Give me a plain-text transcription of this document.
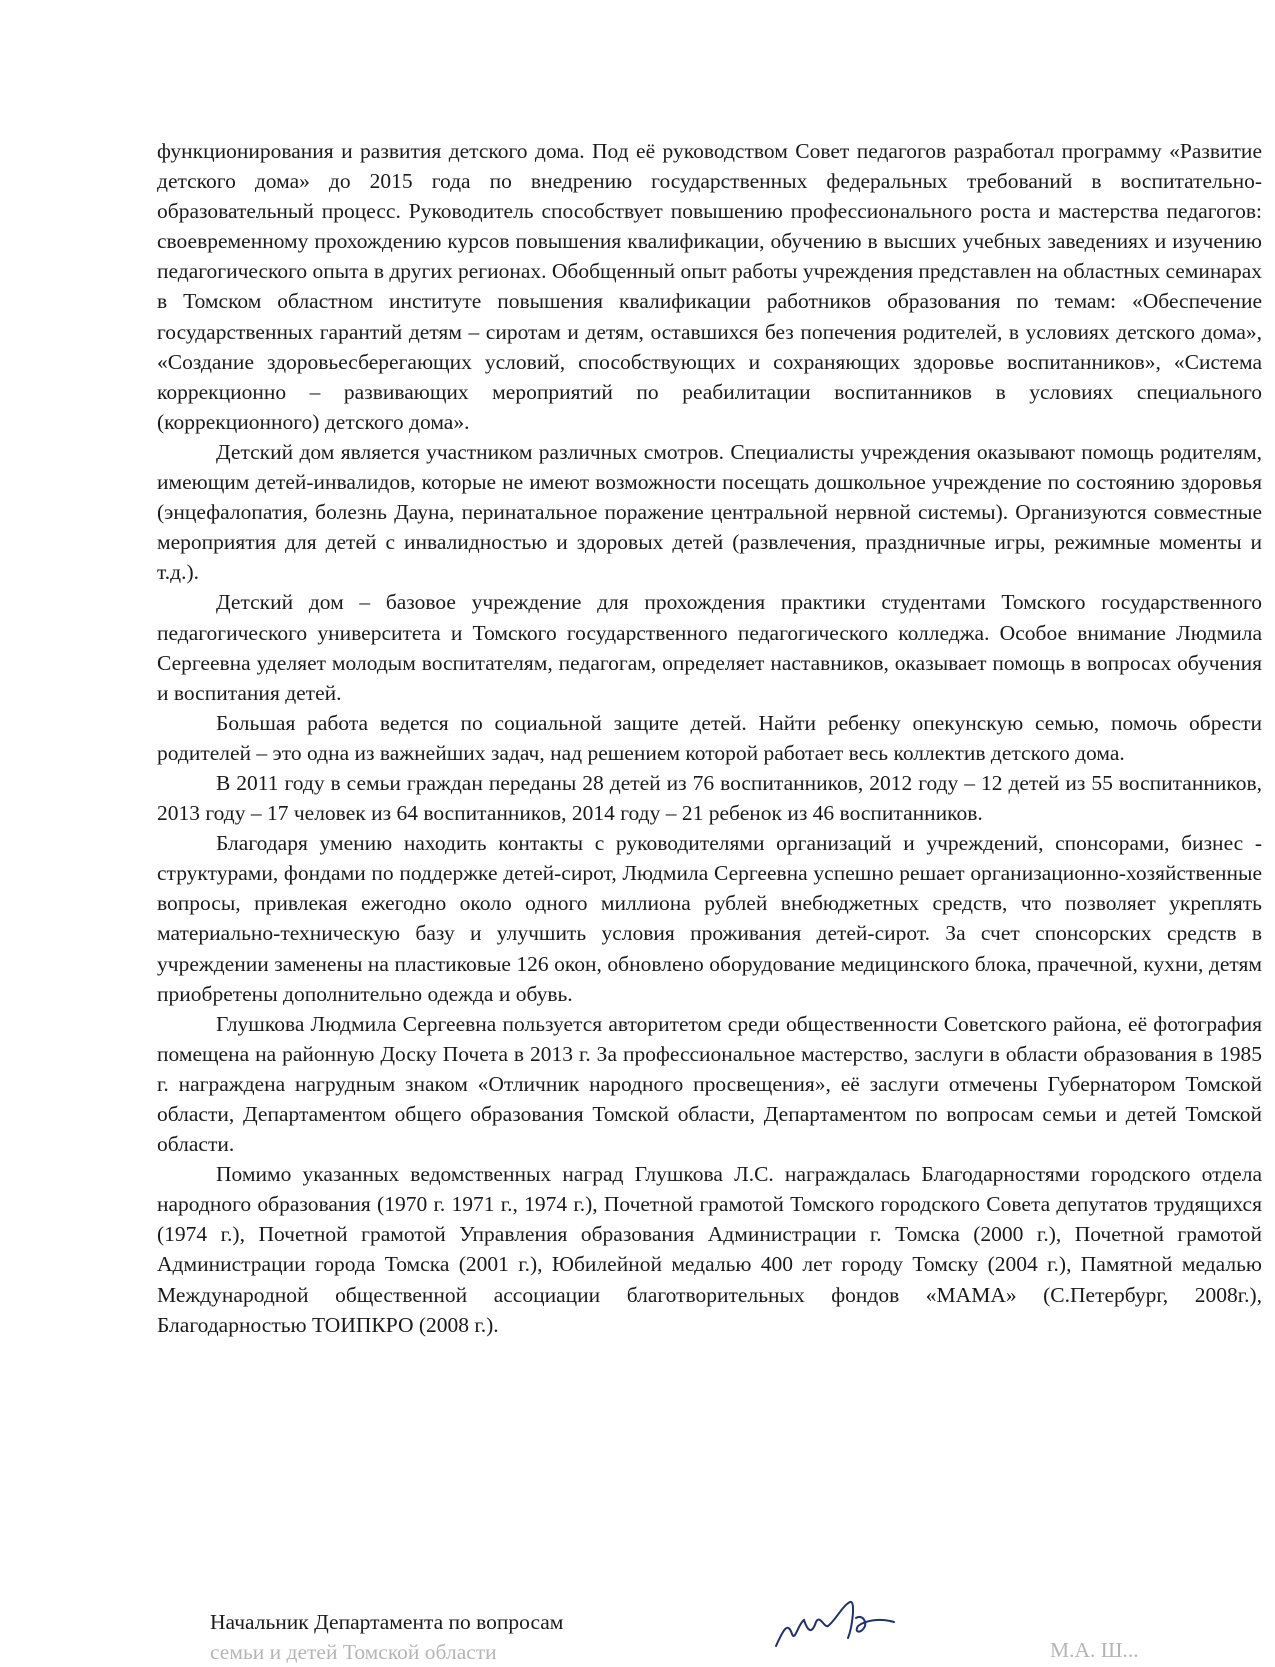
функционирования и развития детского дома. Под её руководством Совет педагогов разработал программу «Развитие детского дома» до 2015 года по внедрению государственных федеральных требований в воспитательно-образовательный процесс. Руководитель способствует повышению профессионального роста и мастерства педагогов: своевременному прохождению курсов повышения квалификации, обучению в высших учебных заведениях и изучению педагогического опыта в других регионах. Обобщенный опыт работы учреждения представлен на областных семинарах в Томском областном институте повышения квалификации работников образования по темам: «Обеспечение государственных гарантий детям – сиротам и детям, оставшихся без попечения родителей, в условиях детского дома», «Создание здоровьесберегающих условий, способствующих и сохраняющих здоровье воспитанников», «Система коррекционно – развивающих мероприятий по реабилитации воспитанников в условиях специального (коррекционного) детского дома».

Детский дом является участником различных смотров. Специалисты учреждения оказывают помощь родителям, имеющим детей-инвалидов, которые не имеют возможности посещать дошкольное учреждение по состоянию здоровья (энцефалопатия, болезнь Дауна, перинатальное поражение центральной нервной системы). Организуются совместные мероприятия для детей с инвалидностью и здоровых детей (развлечения, праздничные игры, режимные моменты и т.д.).

Детский дом – базовое учреждение для прохождения практики студентами Томского государственного педагогического университета и Томского государственного педагогического колледжа. Особое внимание Людмила Сергеевна уделяет молодым воспитателям, педагогам, определяет наставников, оказывает помощь в вопросах обучения и воспитания детей.

Большая работа ведется по социальной защите детей. Найти ребенку опекунскую семью, помочь обрести родителей – это одна из важнейших задач, над решением которой работает весь коллектив детского дома.

В 2011 году в семьи граждан переданы 28 детей из 76 воспитанников, 2012 году – 12 детей из 55 воспитанников, 2013 году – 17 человек из 64 воспитанников, 2014 году – 21 ребенок из 46 воспитанников.

Благодаря умению находить контакты с руководителями организаций и учреждений, спонсорами, бизнес - структурами, фондами по поддержке детей-сирот, Людмила Сергеевна успешно решает организационно-хозяйственные вопросы, привлекая ежегодно около одного миллиона рублей внебюджетных средств, что позволяет укреплять материально-техническую базу и улучшить условия проживания детей-сирот. За счет спонсорских средств в учреждении заменены на пластиковые 126 окон, обновлено оборудование медицинского блока, прачечной, кухни, детям приобретены дополнительно одежда и обувь.

Глушкова Людмила Сергеевна пользуется авторитетом среди общественности Советского района, её фотография помещена на районную Доску Почета в 2013 г. За профессиональное мастерство, заслуги в области образования в 1985 г. награждена нагрудным знаком «Отличник народного просвещения», её заслуги отмечены Губернатором Томской области, Департаментом общего образования Томской области, Департаментом по вопросам семьи и детей Томской области.

Помимо указанных ведомственных наград Глушкова Л.С. награждалась Благодарностями городского отдела народного образования (1970 г. 1971 г., 1974 г.), Почетной грамотой Томского городского Совета депутатов трудящихся (1974 г.), Почетной грамотой Управления образования Администрации г. Томска (2000 г.), Почетной грамотой Администрации города Томска (2001 г.), Юбилейной медалью 400 лет городу Томску (2004 г.), Памятной медалью Международной общественной ассоциации благотворительных фондов «МАМА» (С.Петербург, 2008г.), Благодарностью ТОИПКРО (2008 г.).

Начальник Департамента по вопросам
семьи и детей Томской области	М.А. Ш...
